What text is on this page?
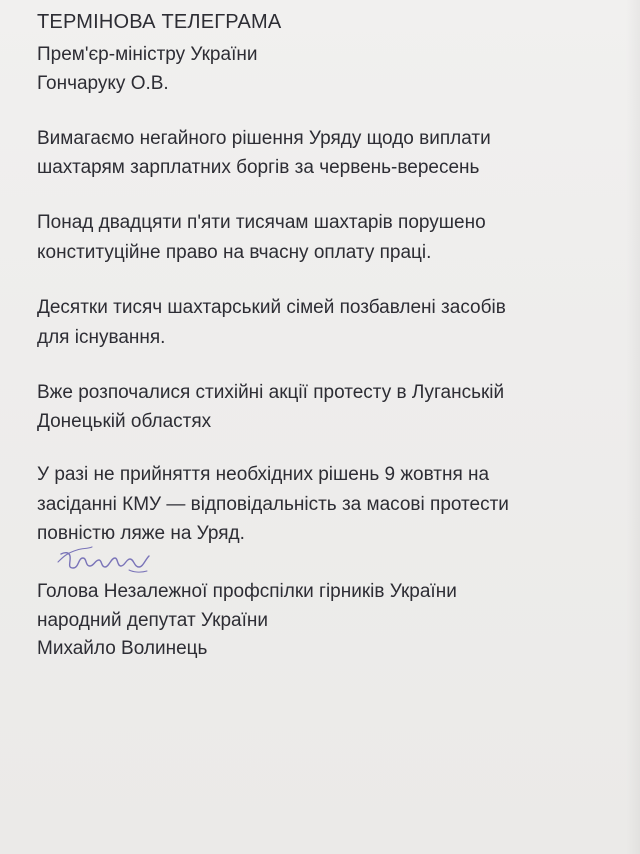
ТЕРМІНОВА ТЕЛЕГРАМА
Прем'єр-міністру України
Гончаруку О.В.
Вимагаємо негайного рішення Уряду щодо виплати
шахтарям зарплатних боргів за червень-вересень
Понад двадцяти п'яти тисячам шахтарів порушено
конституційне право на вчасну оплату праці.
Десятки тисяч шахтарський сімей позбавлені засобів
для існування.
Вже розпочалися стихійні акції протесту в Луганській
Донецькій областях
У разі не прийняття необхідних рішень 9 жовтня на
засіданні КМУ — відповідальність за масові протести
повністю ляже на Уряд.
Голова Незалежної профспілки гірників України
народний депутат України
Михайло Волинець
